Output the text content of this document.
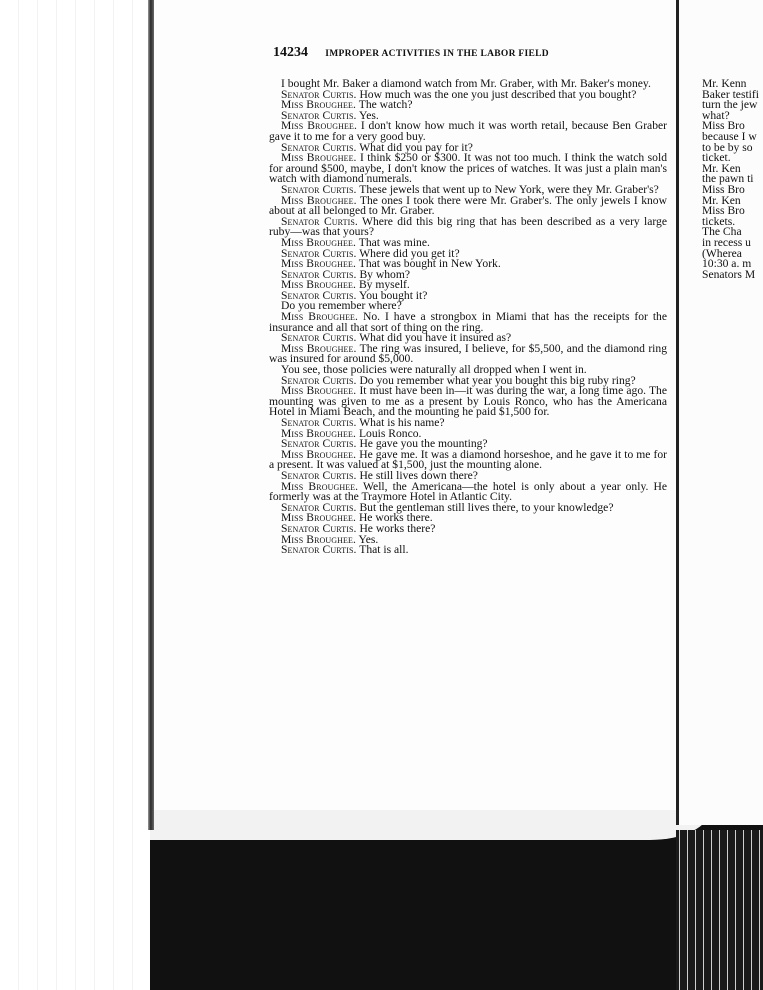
14234 IMPROPER ACTIVITIES IN THE LABOR FIELD

I bought Mr. Baker a diamond watch from Mr. Graber, with Mr. Baker's money.

Senator Curtis. How much was the one you just described that you bought?

Miss Broughee. The watch?

Senator Curtis. Yes.

Miss Broughee. I don't know how much it was worth retail, because Ben Graber gave it to me for a very good buy.

Senator Curtis. What did you pay for it?

Miss Broughee. I think $250 or $300. It was not too much. I think the watch sold for around $500, maybe, I don't know the prices of watches. It was just a plain man's watch with diamond numerals.

Senator Curtis. These jewels that went up to New York, were they Mr. Graber's?

Miss Broughee. The ones I took there were Mr. Graber's. The only jewels I know about at all belonged to Mr. Graber.

Senator Curtis. Where did this big ring that has been described as a very large ruby—was that yours?

Miss Broughee. That was mine.

Senator Curtis. Where did you get it?

Miss Broughee. That was bought in New York.

Senator Curtis. By whom?

Miss Broughee. By myself.

Senator Curtis. You bought it?

Do you remember where?

Miss Broughee. No. I have a strongbox in Miami that has the receipts for the insurance and all that sort of thing on the ring.

Senator Curtis. What did you have it insured as?

Miss Broughee. The ring was insured, I believe, for $5,500, and the diamond ring was insured for around $5,000.

You see, those policies were naturally all dropped when I went in.

Senator Curtis. Do you remember what year you bought this big ruby ring?

Miss Broughee. It must have been in—it was during the war, a long time ago. The mounting was given to me as a present by Louis Ronco, who has the Americana Hotel in Miami Beach, and the mounting he paid $1,500 for.

Senator Curtis. What is his name?

Miss Broughee. Louis Ronco.

Senator Curtis. He gave you the mounting?

Miss Broughee. He gave me. It was a diamond horseshoe, and he gave it to me for a present. It was valued at $1,500, just the mounting alone.

Senator Curtis. He still lives down there?

Miss Broughee. Well, the Americana—the hotel is only about a year only. He formerly was at the Traymore Hotel in Atlantic City.

Senator Curtis. But the gentleman still lives there, to your knowledge?

Miss Broughee. He works there.

Senator Curtis. He works there?

Miss Broughee. Yes.

Senator Curtis. That is all.

Mr. Kenn

Baker testifi

turn the jew

what?

Miss Bro

because I w

to be by so

ticket.

Mr. Ken

the pawn ti

Miss Bro

Mr. Ken

Miss Bro

tickets.

The Cha

in recess u

(Wherea

10:30 a. m

Senators M
